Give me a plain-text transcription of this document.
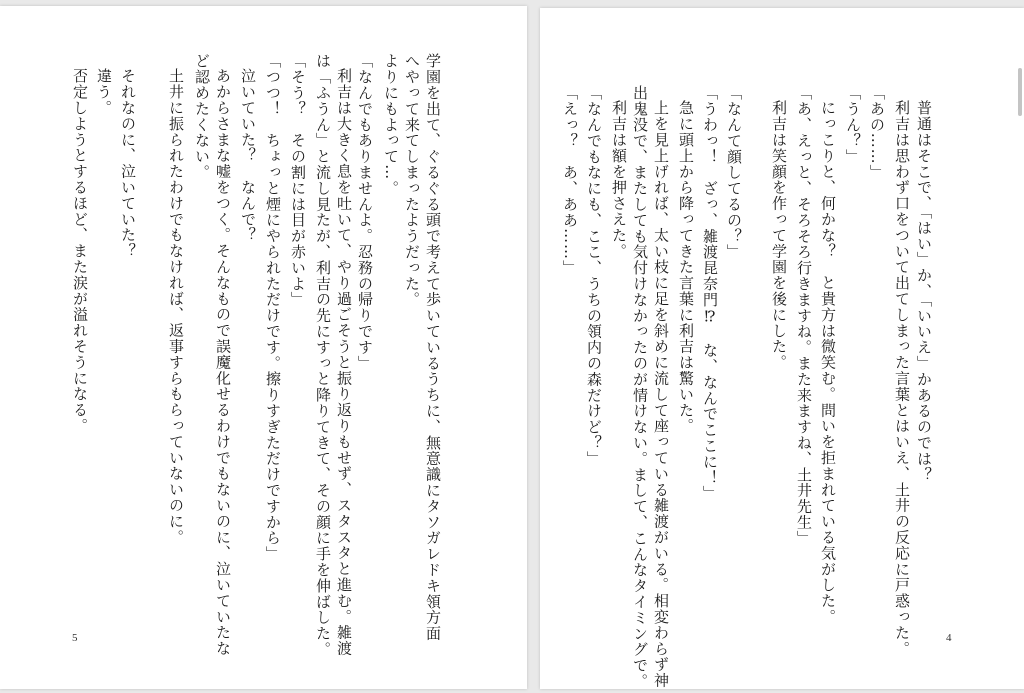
学園を出て、ぐるぐる頭で考えて歩いているうちに、無意識にタソガレドキ領方面
へやって来てしまったようだった。
よりにもよって…。
「なんでもありませんよ。忍務の帰りです」
利吉は大きく息を吐いて、やり過ごそうと振り返りもせず、スタスタと進む。雑渡
は「ふうん」と流し見たが、利吉の先にすっと降りてきて、その顔に手を伸ばした。
「そう？　その割には目が赤いよ」
「つつ！　ちょっと煙にやられただけです。擦りすぎただけですから」
泣いていた？　なんで？
あからさまな嘘をつく。そんなもので誤魔化せるわけでもないのに、泣いていたな
ど認めたくない。
土井に振られたわけでもなければ、返事すらもらっていないのに。
それなのに、泣いていた？
違う。
否定しようとするほど、また涙が溢れそうになる。
5
普通はそこで、「はい」か、「いいえ」かあるのでは？
利吉は思わず口をついて出てしまった言葉とはいえ、土井の反応に戸惑った。
「あの……」
「うん？」
にっこりと、何かな？　と貴方は微笑む。問いを拒まれている気がした。
「あ、えっと、そろそろ行きますね。また来ますね、土井先生」
利吉は笑顔を作って学園を後にした。
「なんて顔してるの？」
「うわっ！　ざっ、雑渡昆奈門⁉　な、なんでここに！」
急に頭上から降ってきた言葉に利吉は驚いた。
上を見上げれば、太い枝に足を斜めに流して座っている雑渡がいる。相変わらず神
出鬼没で、またしても気付けなかったのが情けない。まして、こんなタイミングで。
利吉は額を押さえた。
「なんでもなにも、ここ、うちの領内の森だけど？」
「えっ？　あ、ああ……」
4
